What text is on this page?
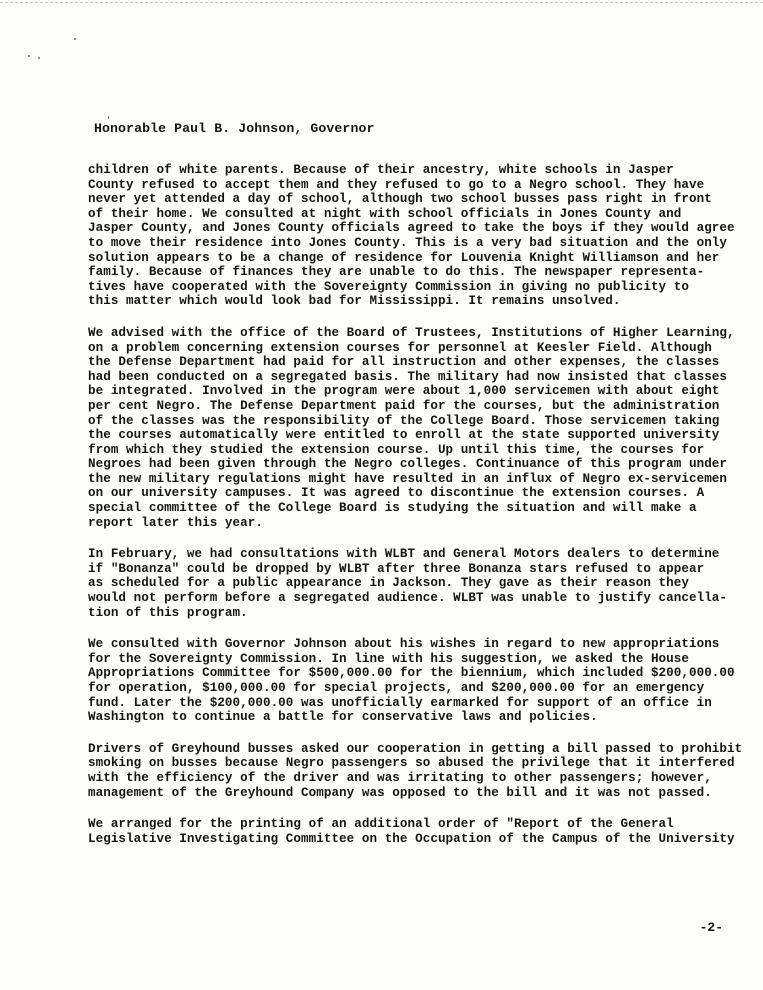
Honorable Paul B. Johnson, Governor
children of white parents. Because of their ancestry, white schools in Jasper
County refused to accept them and they refused to go to a Negro school. They have
never yet attended a day of school, although two school busses pass right in front
of their home. We consulted at night with school officials in Jones County and
Jasper County, and Jones County officials agreed to take the boys if they would agree
to move their residence into Jones County. This is a very bad situation and the only
solution appears to be a change of residence for Louvenia Knight Williamson and her
family. Because of finances they are unable to do this. The newspaper representa-
tives have cooperated with the Sovereignty Commission in giving no publicity to
this matter which would look bad for Mississippi. It remains unsolved.
We advised with the office of the Board of Trustees, Institutions of Higher Learning,
on a problem concerning extension courses for personnel at Keesler Field. Although
the Defense Department had paid for all instruction and other expenses, the classes
had been conducted on a segregated basis. The military had now insisted that classes
be integrated. Involved in the program were about 1,000 servicemen with about eight
per cent Negro. The Defense Department paid for the courses, but the administration
of the classes was the responsibility of the College Board. Those servicemen taking
the courses automatically were entitled to enroll at the state supported university
from which they studied the extension course. Up until this time, the courses for
Negroes had been given through the Negro colleges. Continuance of this program under
the new military regulations might have resulted in an influx of Negro ex-servicemen
on our university campuses. It was agreed to discontinue the extension courses. A
special committee of the College Board is studying the situation and will make a
report later this year.
In February, we had consultations with WLBT and General Motors dealers to determine
if "Bonanza" could be dropped by WLBT after three Bonanza stars refused to appear
as scheduled for a public appearance in Jackson. They gave as their reason they
would not perform before a segregated audience. WLBT was unable to justify cancella-
tion of this program.
We consulted with Governor Johnson about his wishes in regard to new appropriations
for the Sovereignty Commission. In line with his suggestion, we asked the House
Appropriations Committee for $500,000.00 for the biennium, which included $200,000.00
for operation, $100,000.00 for special projects, and $200,000.00 for an emergency
fund. Later the $200,000.00 was unofficially earmarked for support of an office in
Washington to continue a battle for conservative laws and policies.
Drivers of Greyhound busses asked our cooperation in getting a bill passed to prohibit
smoking on busses because Negro passengers so abused the privilege that it interfered
with the efficiency of the driver and was irritating to other passengers; however,
management of the Greyhound Company was opposed to the bill and it was not passed.
We arranged for the printing of an additional order of "Report of the General
Legislative Investigating Committee on the Occupation of the Campus of the University
-2-
